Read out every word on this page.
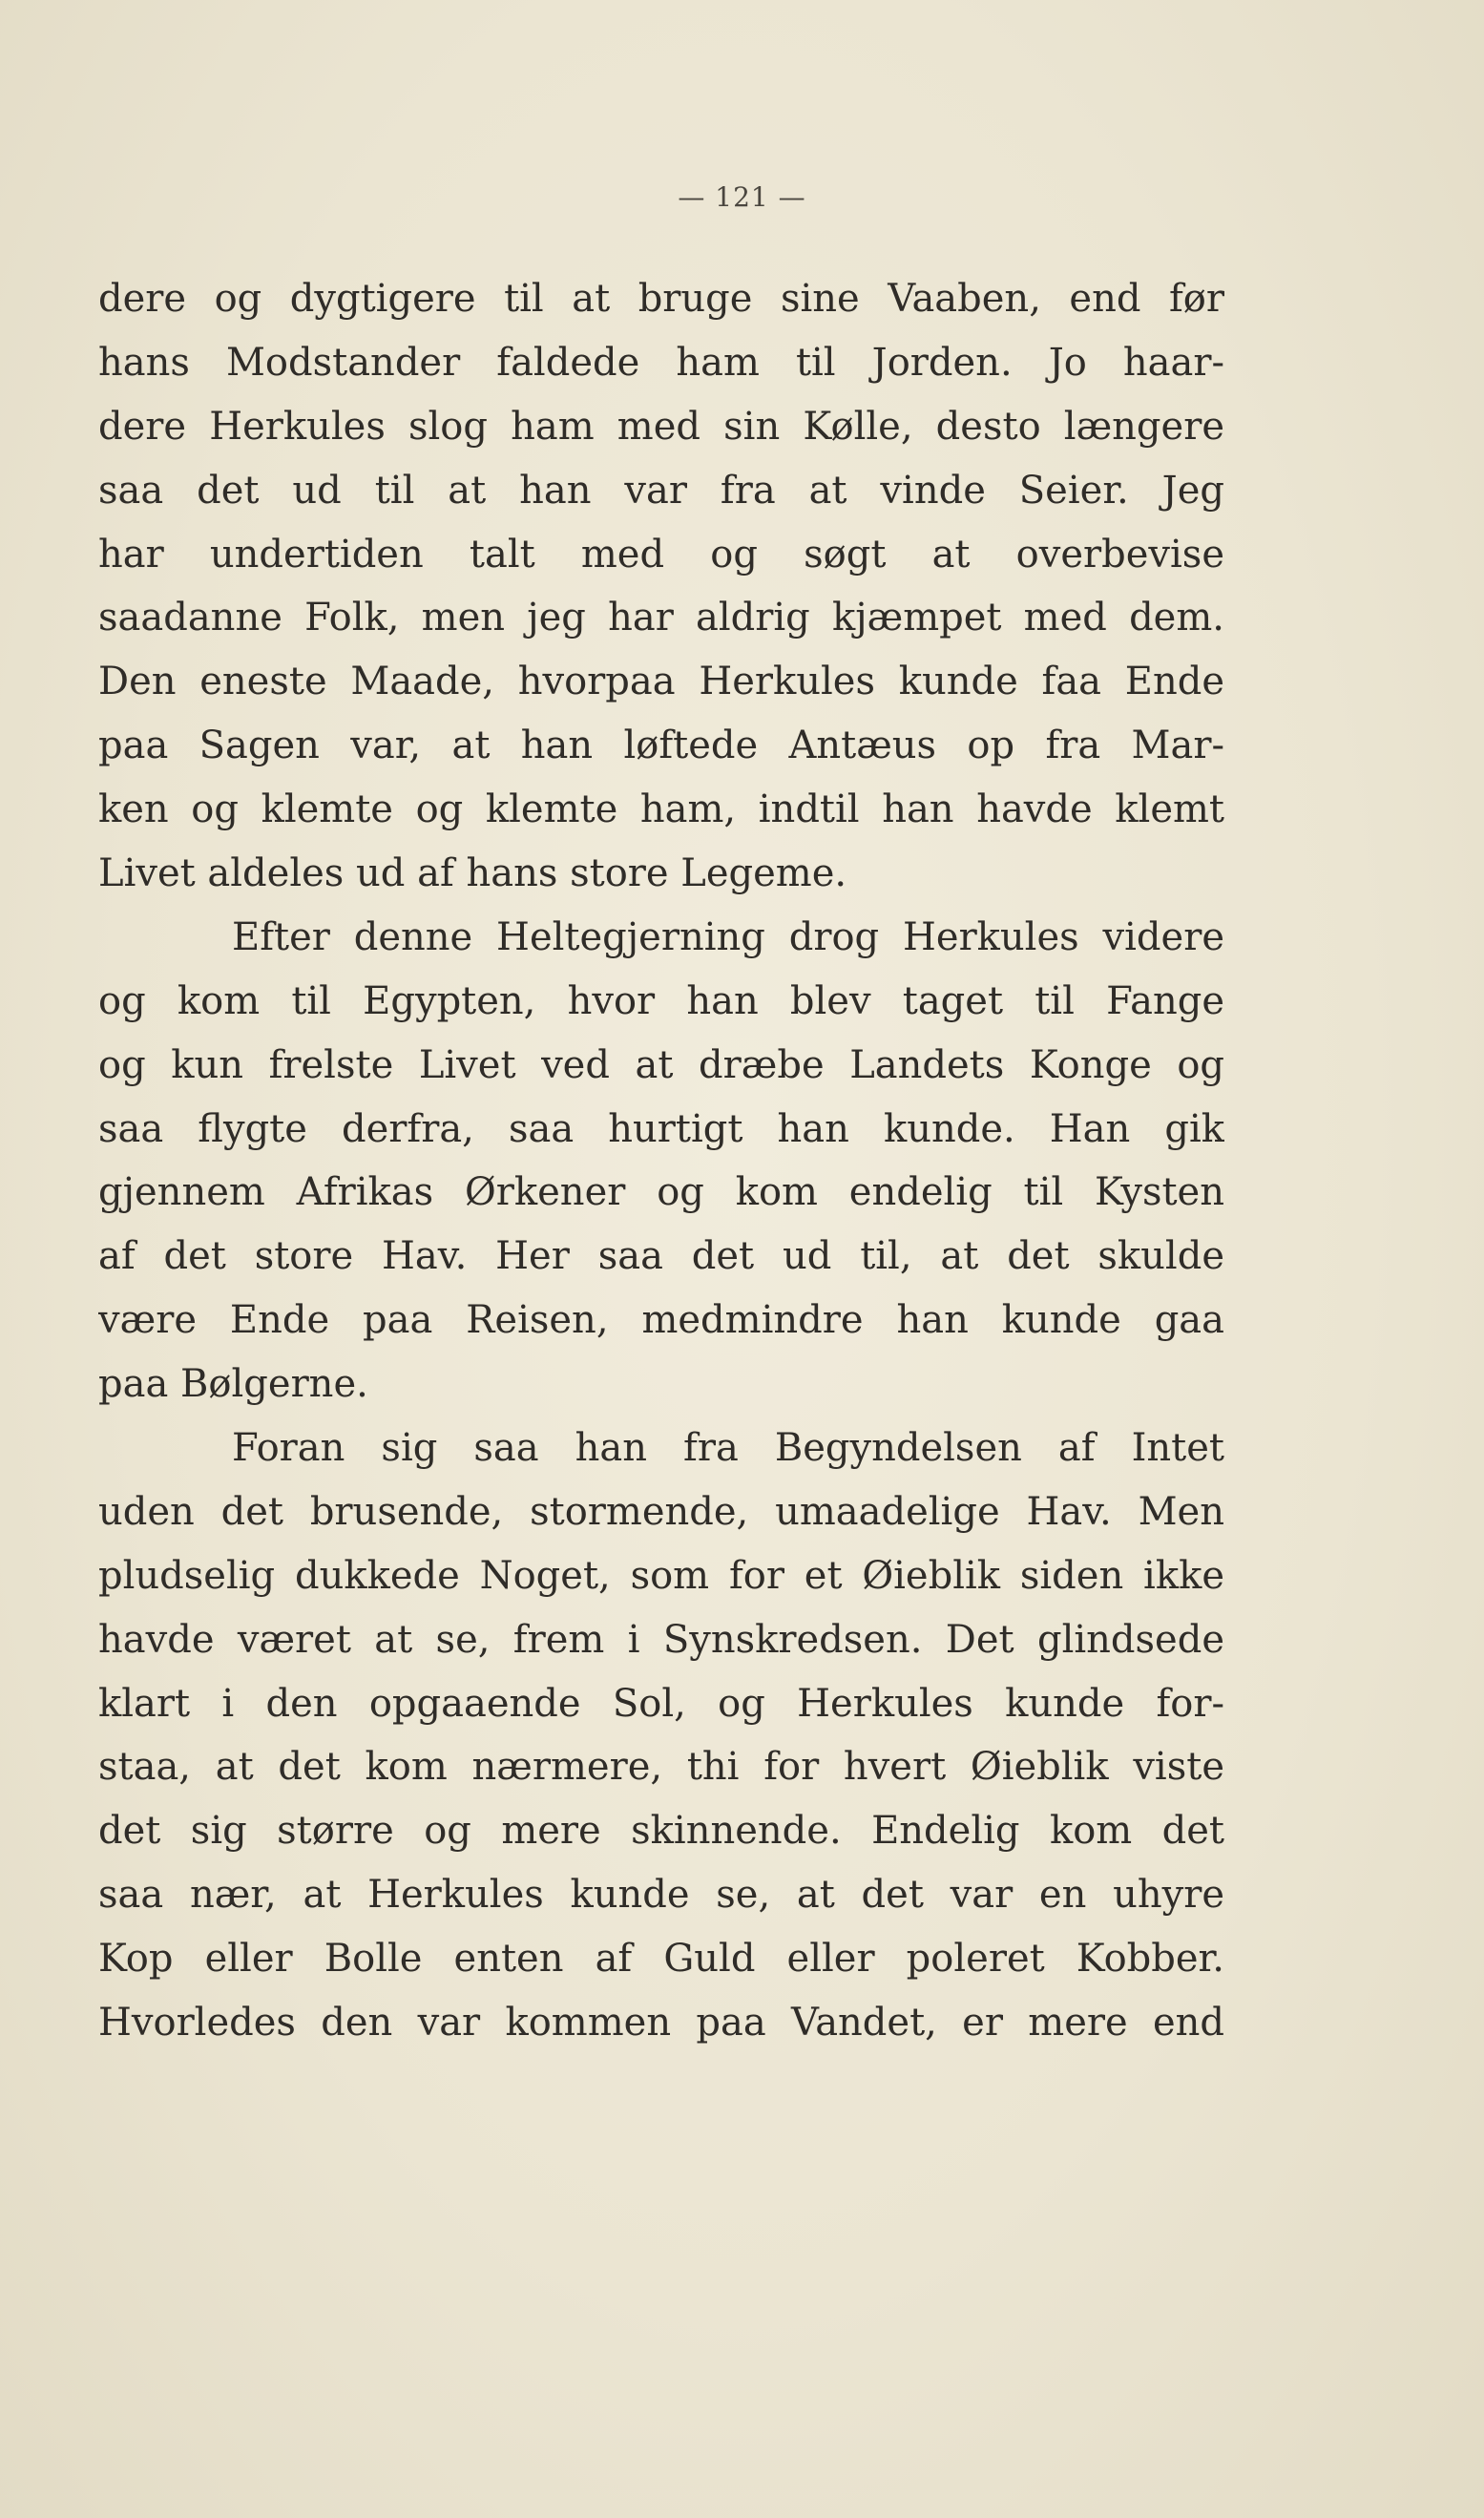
— 121 —
dere og dygtigere til at bruge sine Vaaben, end før
hans Modstander faldede ham til Jorden. Jo haar-
dere Herkules slog ham med sin Kølle, desto længere
saa det ud til at han var fra at vinde Seier. Jeg
har undertiden talt med og søgt at overbevise
saadanne Folk, men jeg har aldrig kjæmpet med dem.
Den eneste Maade, hvorpaa Herkules kunde faa Ende
paa Sagen var, at han løftede Antæus op fra Mar-
ken og klemte og klemte ham, indtil han havde klemt
Livet aldeles ud af hans store Legeme.
Efter denne Heltegjerning drog Herkules videre
og kom til Egypten, hvor han blev taget til Fange
og kun frelste Livet ved at dræbe Landets Konge og
saa flygte derfra, saa hurtigt han kunde. Han gik
gjennem Afrikas Ørkener og kom endelig til Kysten
af det store Hav. Her saa det ud til, at det skulde
være Ende paa Reisen, medmindre han kunde gaa
paa Bølgerne.
Foran sig saa han fra Begyndelsen af Intet
uden det brusende, stormende, umaadelige Hav. Men
pludselig dukkede Noget, som for et Øieblik siden ikke
havde været at se, frem i Synskredsen. Det glindsede
klart i den opgaaende Sol, og Herkules kunde for-
staa, at det kom nærmere, thi for hvert Øieblik viste
det sig større og mere skinnende. Endelig kom det
saa nær, at Herkules kunde se, at det var en uhyre
Kop eller Bolle enten af Guld eller poleret Kobber.
Hvorledes den var kommen paa Vandet, er mere end
